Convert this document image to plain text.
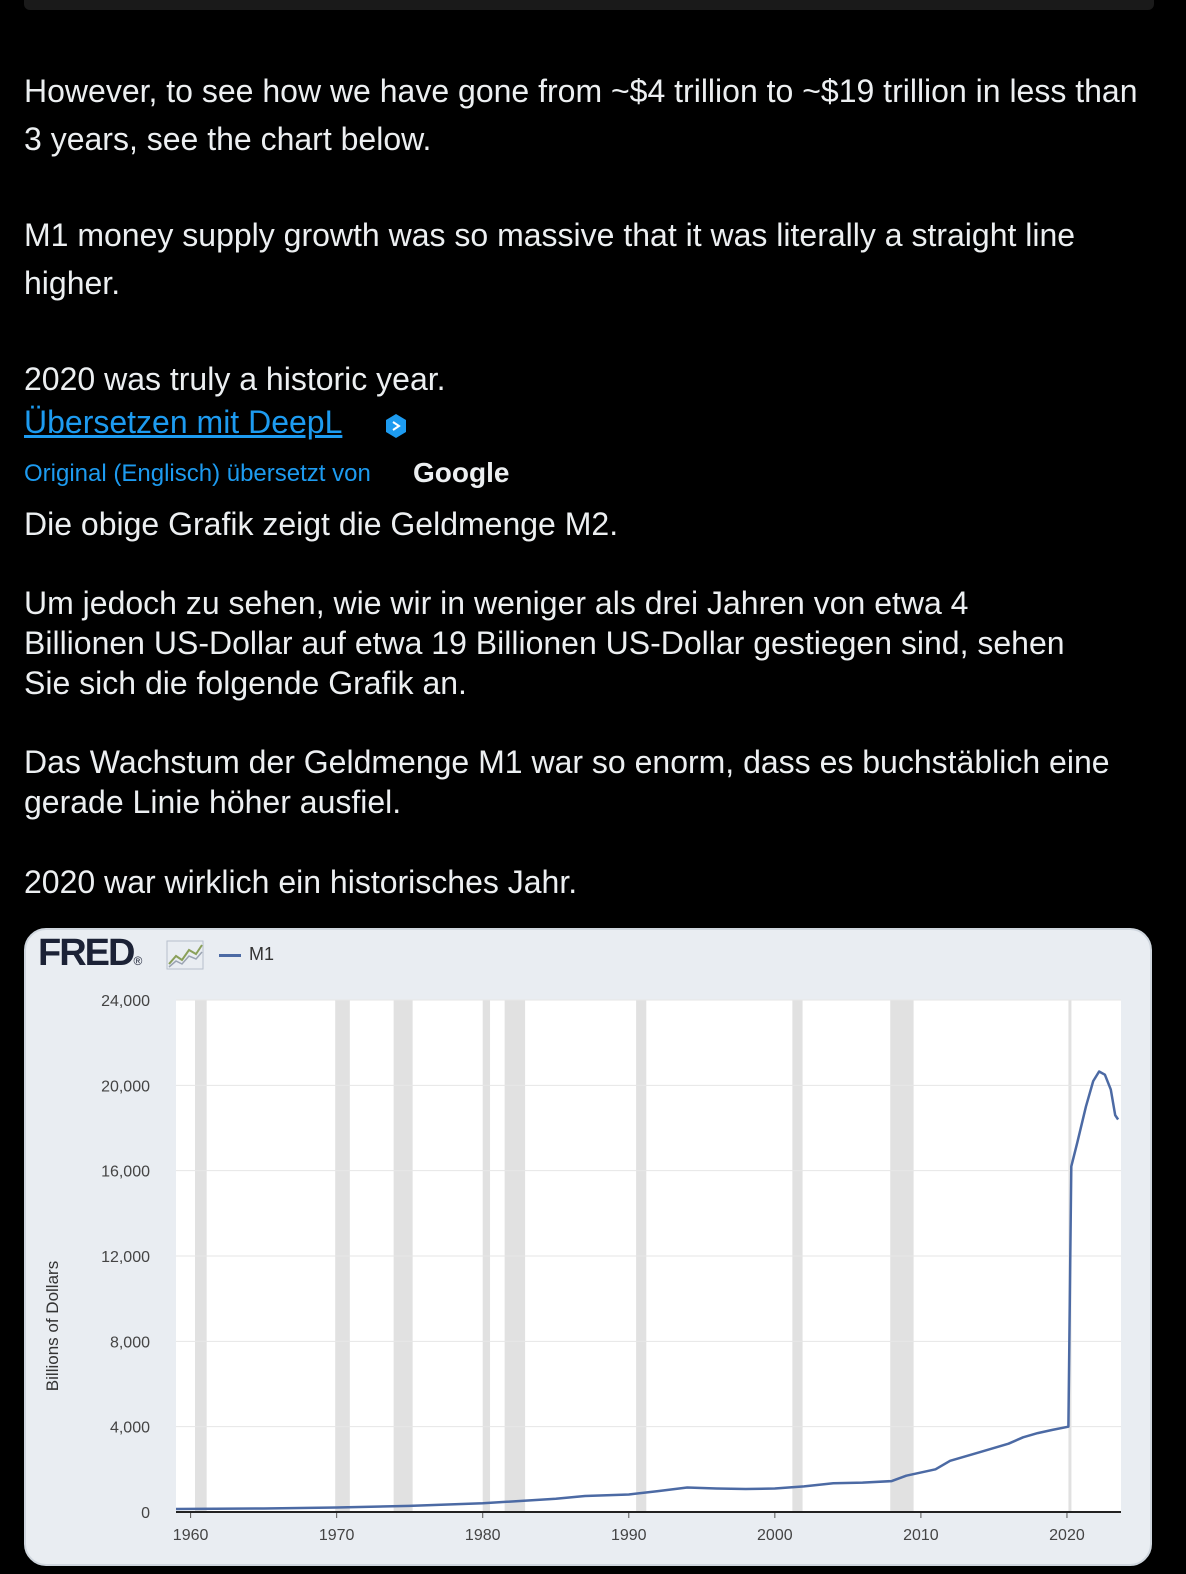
However, to see how we have gone from ~$4 trillion to ~$19 trillion in less than 3 years, see the chart below.

M1 money supply growth was so massive that it was literally a straight line higher.

2020 was truly a historic year.

Übersetzen mit DeepL
Original (Englisch) übersetzt von Google

Die obige Grafik zeigt die Geldmenge M2.

Um jedoch zu sehen, wie wir in weniger als drei Jahren von etwa 4 Billionen US-Dollar auf etwa 19 Billionen US-Dollar gestiegen sind, sehen Sie sich die folgende Grafik an.

Das Wachstum der Geldmenge M1 war so enorm, dass es buchstäblich eine gerade Linie höher ausfiel.

2020 war wirklich ein historisches Jahr.

FRED®	M1
0
4,000
8,000
12,000
16,000
20,000
24,000
1960	1970	1980	1990	2000	2010	2020
Billions of Dollars
